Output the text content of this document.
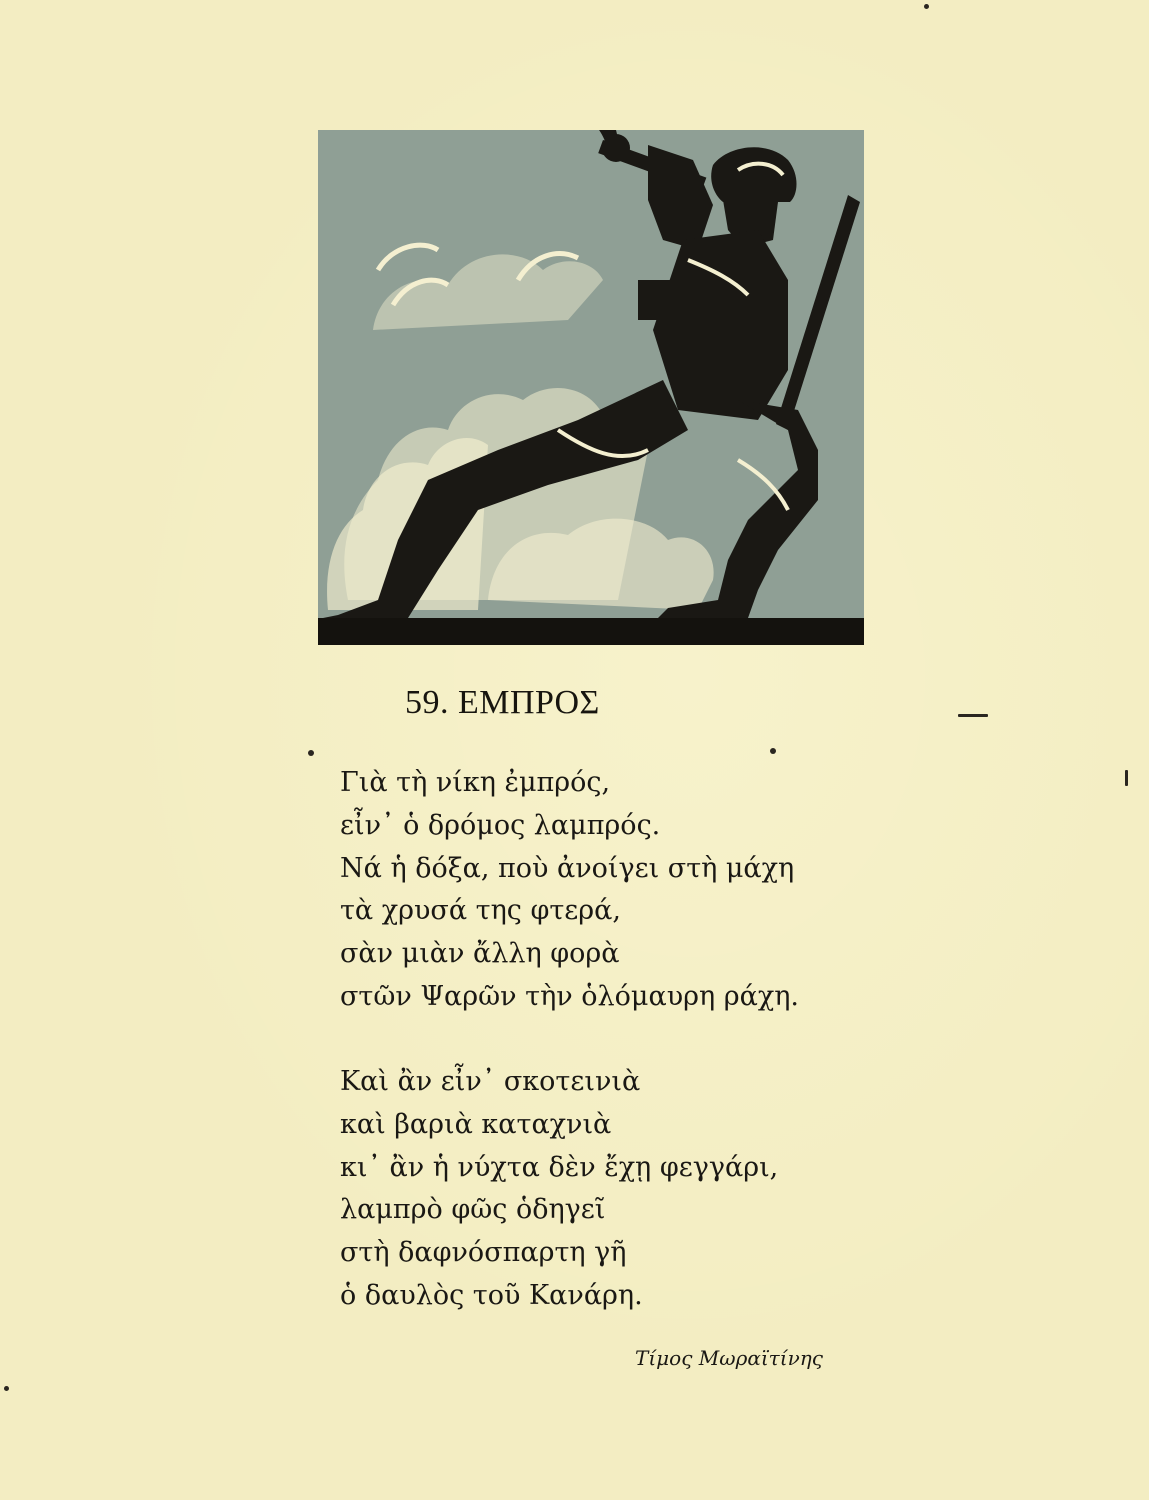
59. ΕΜΠΡΟΣ
Γιὰ τὴ νίκη ἐμπρός,
εἶν᾽ ὁ δρόμος λαμπρός.
Νά ἡ δόξα, ποὺ ἀνοίγει στὴ μάχη
τὰ χρυσά της φτερά,
σὰν μιὰν ἄλλη φορὰ
στῶν Ψαρῶν τὴν ὁλόμαυρη ράχη.
Καὶ ἂν εἶν᾽ σκοτεινιὰ
καὶ βαριὰ καταχνιὰ
κι᾽ ἂν ἡ νύχτα δὲν ἔχῃ φεγγάρι,
λαμπρὸ φῶς ὁδηγεῖ
στὴ δαφνόσπαρτη γῆ
ὁ δαυλὸς τοῦ Κανάρη.
Τίμος Μωραϊτίνης
